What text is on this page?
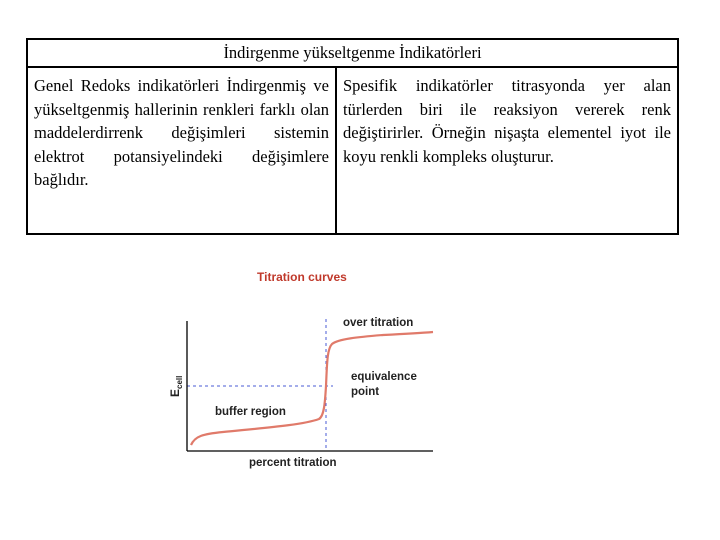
İndirgenme yükseltgenme İndikatörleri
Genel Redoks indikatörleri İndirgenmiş ve yükseltgenmiş hallerinin renkleri farklı olan maddelerdirrenk değişimleri sistemin elektrot potansiyelindeki değişimlere bağlıdır.
Spesifik indikatörler titrasyonda yer alan türlerden biri ile reaksiyon vererek renk değiştirirler. Örneğin nişaşta elementel iyot ile koyu renkli kompleks oluşturur.
Titration curves
over titration
equivalence
point
buffer region
percent titration
$E_{cell}$
